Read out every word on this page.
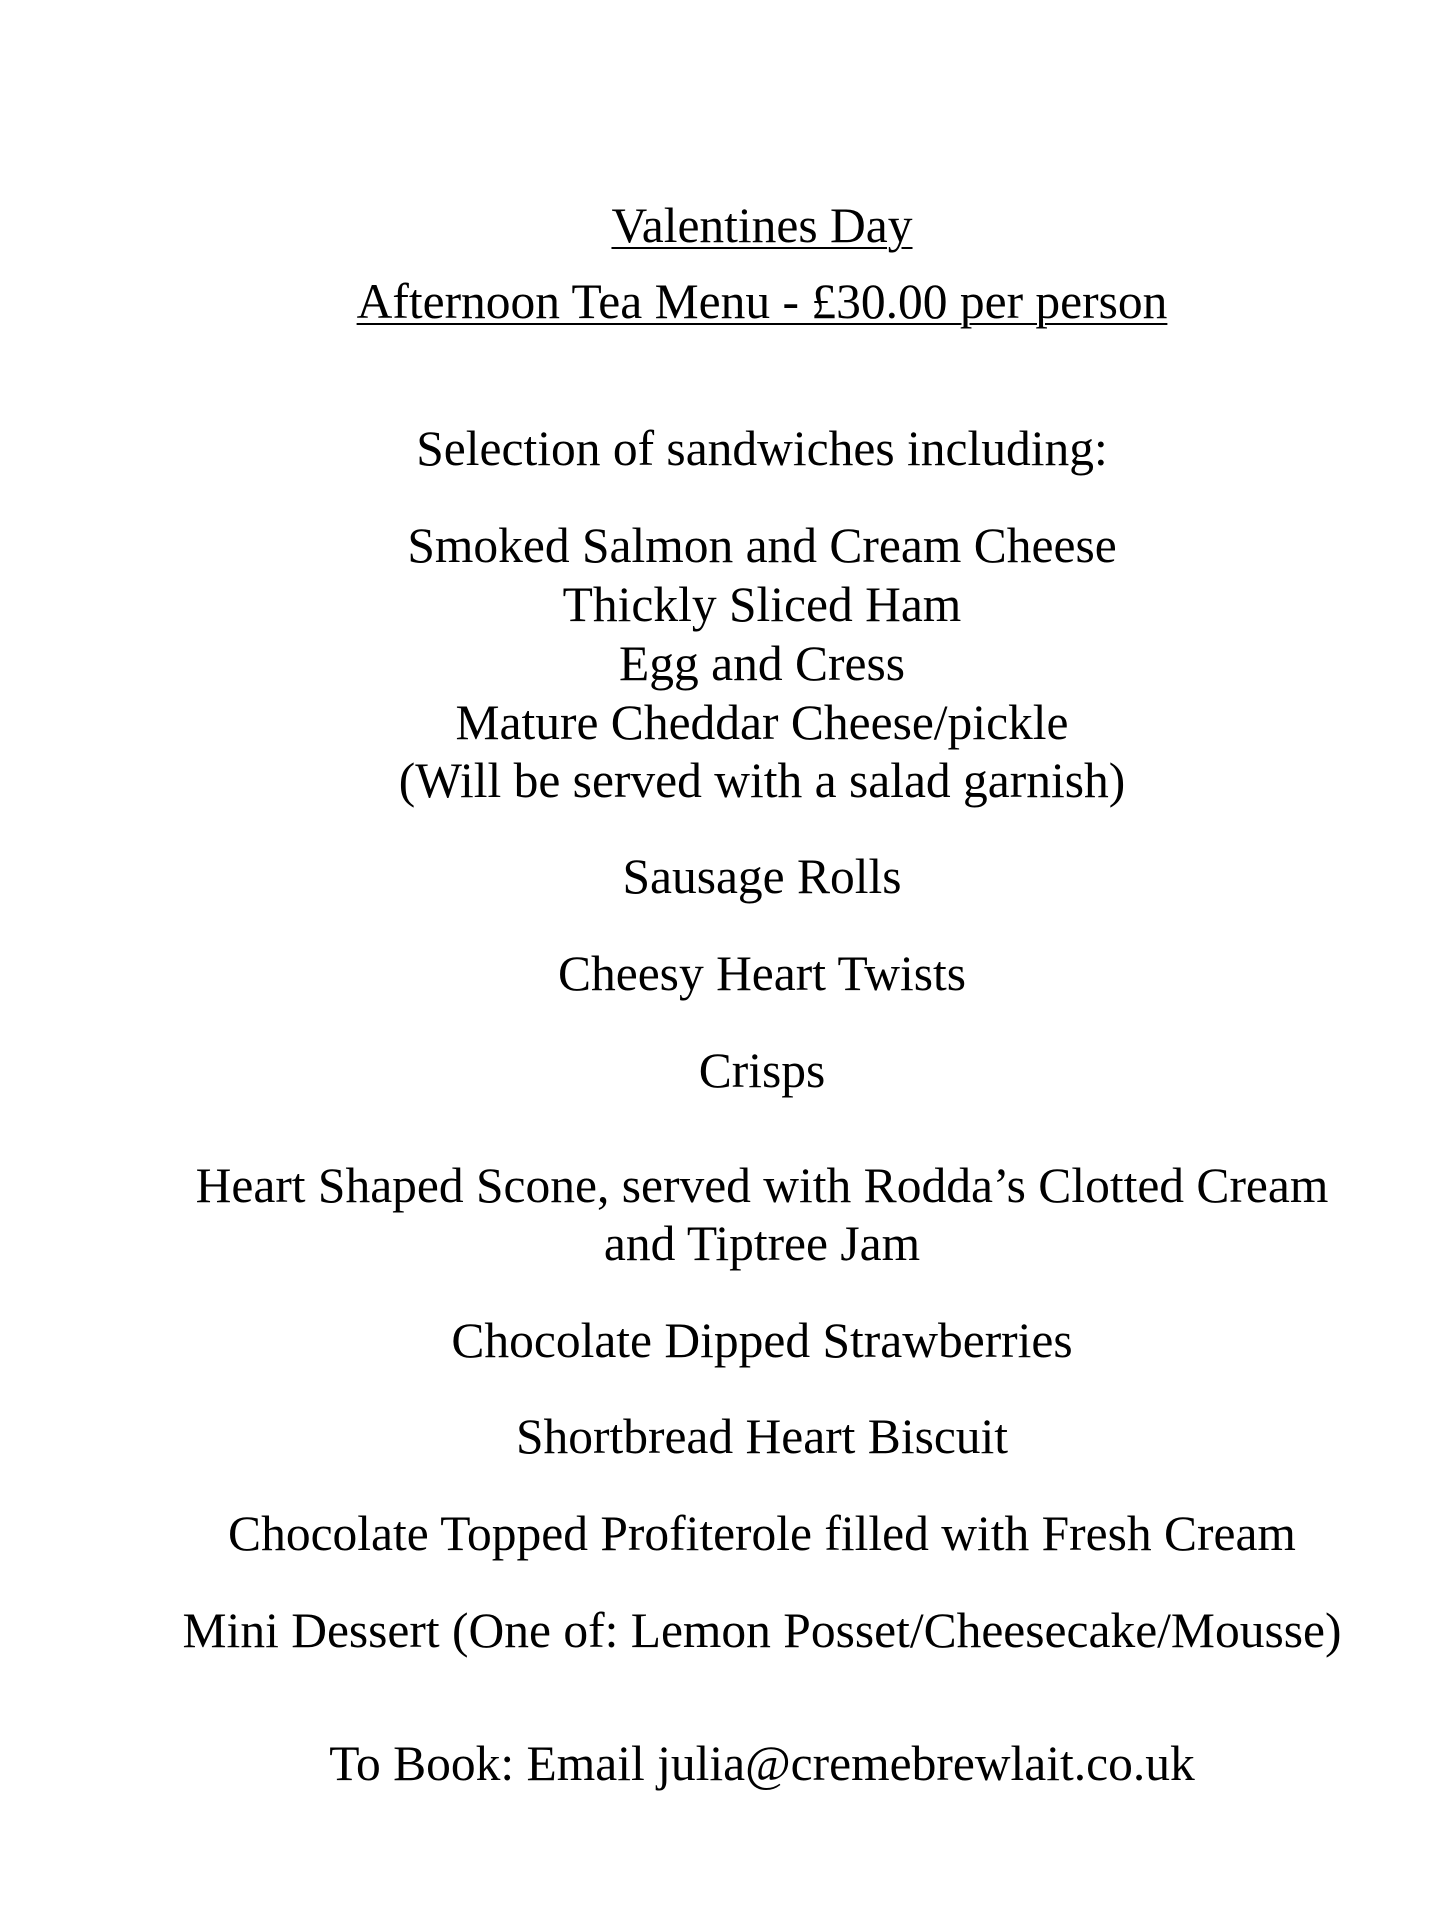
Valentines Day
Afternoon Tea Menu - £30.00 per person
Selection of sandwiches including:
Smoked Salmon and Cream Cheese
Thickly Sliced Ham
Egg and Cress
Mature Cheddar Cheese/pickle
(Will be served with a salad garnish)
Sausage Rolls
Cheesy Heart Twists
Crisps
Heart Shaped Scone, served with Rodda’s Clotted Cream
and Tiptree Jam
Chocolate Dipped Strawberries
Shortbread Heart Biscuit
Chocolate Topped Profiterole filled with Fresh Cream
Mini Dessert (One of: Lemon Posset/Cheesecake/Mousse)
To Book: Email julia@cremebrewlait.co.uk
